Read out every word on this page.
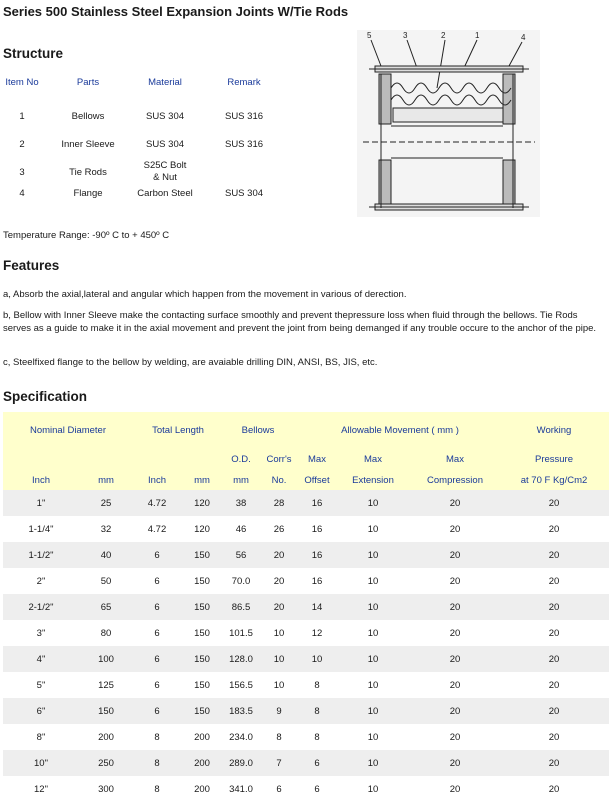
Series 500 Stainless Steel Expansion Joints W/Tie Rods
Structure
Item No	Parts	Material	Remark
1	Bellows	SUS 304	SUS 316
2	Inner Sleeve	SUS 304	SUS 316
3	Tie Rods
S25C Bolt & Nut
4	Flange	Carbon Steel	SUS 304
5	3	2	1	4
Temperature Range: -90º C to + 450º C
Features

a, Absorb the axial,lateral and angular which happen from the movement in various of derection.

b, Bellow with Inner Sleeve make the contacting surface smoothly and prevent thepressure loss when fluid through the bellows. Tie Rods serves as a guide to make it in the axial movement and prevent the joint from being demanged if any trouble occure to the anchor of the pipe.

c, Steelfixed flange to the bellow by welding, are avaiable drilling DIN, ANSI, BS, JIS, etc.

Specification
Nominal Diameter	Total Length	Bellows	Allowable Movement ( mm )	Working
O.D. Corr's Max	Max	Max	Pressure
Inch	mm	Inch	mm mm No. Offset Extension	Compression	at 70 F Kg/Cm2
1"	25	4.72	120	38	28	16	10	20	20
1-1/4"	32	4.72	120	46	26	16	10	20	20
1-1/2"	40	6	150	56	20	16	10	20	20
2"	50	6	150 70.0 20	16	10	20	20
2-1/2"	65	6	150 86.5 20	14	10	20	20
3"	80	6	150 101.5 10	12	10	20	20
4"	100	6	150 128.0 10	10	10	20	20
5"	125	6	150 156.5 10	8	10	20	20
6"	150	6	150 183.5 9	8	10	20	20
8"	200	8	200 234.0 8	8	10	20	20
10"	250	8	200 289.0 7	6	10	20	20
12"	300	8	200 341.0 6	6	10	20	20
